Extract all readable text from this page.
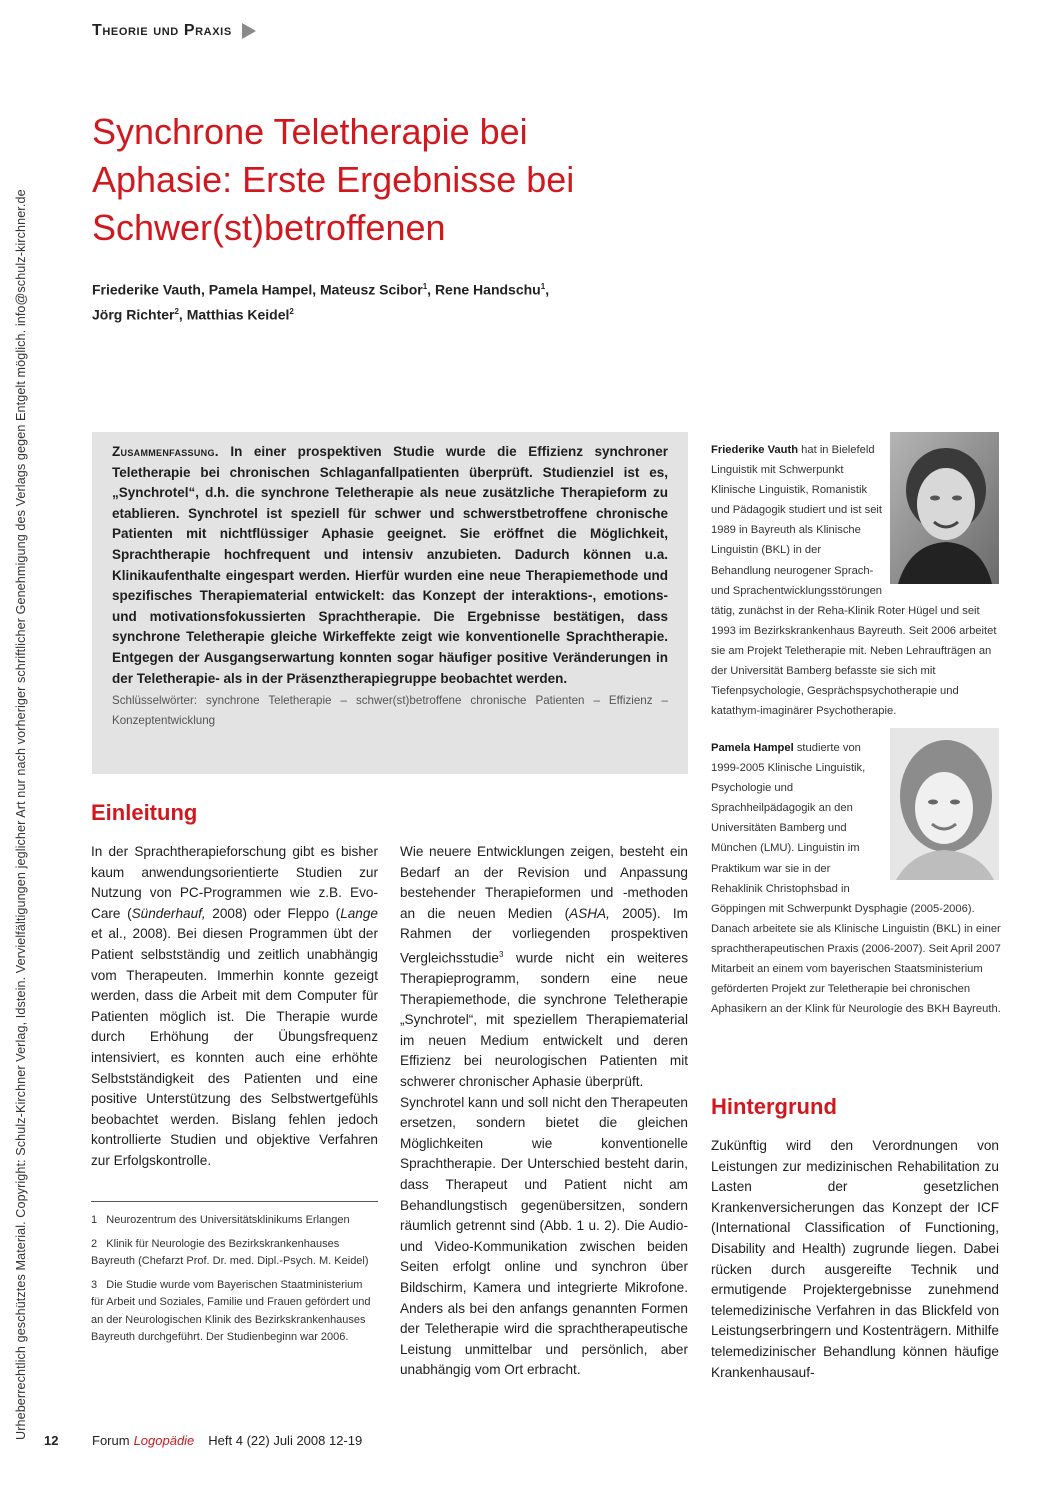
Urheberrechtlich geschütztes Material. Copyright: Schulz-Kirchner Verlag, Idstein. Vervielfältigungen jeglicher Art nur nach vorheriger schriftlicher Genehmigung des Verlags gegen Entgelt möglich. info@schulz-kirchner.de
Theorie und Praxis
Synchrone Teletherapie bei
Aphasie: Erste Ergebnisse bei
Schwer(st)betroffenen
Friederike Vauth, Pamela Hampel, Mateusz Scibor$^1$, Rene Handschu$^1$,
Jörg Richter$^2$, Matthias Keidel$^2$
Zusammenfassung. In einer prospektiven Studie wurde die Effizienz synchroner Teletherapie bei chronischen Schlaganfallpatienten überprüft. Studienziel ist es, „Synchrotel“, d.h. die synchrone Teletherapie als neue zusätzliche Therapieform zu etablieren. Synchrotel ist speziell für schwer und schwerstbetroffene chronische Patienten mit nichtflüssiger Aphasie geeignet. Sie eröffnet die Möglichkeit, Sprachtherapie hochfrequent und intensiv anzubieten. Dadurch können u.a. Klinikaufenthalte eingespart werden. Hierfür wurden eine neue Therapiemethode und spezifisches Therapiematerial entwickelt: das Konzept der interaktions-, emotions- und motivationsfokussierten Sprachtherapie. Die Ergebnisse bestätigen, dass synchrone Teletherapie gleiche Wirkeffekte zeigt wie konventionelle Sprachtherapie. Entgegen der Ausgangserwartung konnten sogar häufiger positive Veränderungen in der Teletherapie- als in der Präsenztherapiegruppe beobachtet werden.
Schlüsselwörter: synchrone Teletherapie – schwer(st)betroffene chronische Patienten – Effizienz – Konzeptentwicklung
Einleitung

In der Sprachtherapieforschung gibt es bisher kaum anwendungsorientierte Studien zur Nutzung von PC-Programmen wie z.B. Evo-Care (Sünderhauf, 2008) oder Fleppo (Lange et al., 2008). Bei diesen Programmen übt der Patient selbstständig und zeitlich unabhängig vom Therapeuten. Immerhin konnte gezeigt werden, dass die Arbeit mit dem Computer für Patienten möglich ist. Die Therapie wurde durch Erhöhung der Übungsfrequenz intensiviert, es konnten auch eine erhöhte Selbstständigkeit des Patienten und eine positive Unterstützung des Selbstwertgefühls beobachtet werden. Bislang fehlen jedoch kontrollierte Studien und objektive Verfahren zur Erfolgskontrolle.

1 Neurozentrum des Universitätsklinikums Erlangen

2 Klinik für Neurologie des Bezirkskrankenhauses Bayreuth (Chefarzt Prof. Dr. med. Dipl.-Psych. M. Keidel)

3 Die Studie wurde vom Bayerischen Staatministerium für Arbeit und Soziales, Familie und Frauen gefördert und an der Neurologischen Klinik des Bezirkskrankenhauses Bayreuth durchgeführt. Der Studienbeginn war 2006.

Wie neuere Entwicklungen zeigen, besteht ein Bedarf an der Revision und Anpassung bestehender Therapieformen und -methoden an die neuen Medien (ASHA, 2005). Im Rahmen der vorliegenden prospektiven Vergleichsstudie$^3$ wurde nicht ein weiteres Therapieprogramm, sondern eine neue Therapiemethode, die synchrone Teletherapie „Synchrotel“, mit speziellem Therapiematerial im neuen Medium entwickelt und deren Effizienz bei neurologischen Patienten mit schwerer chronischer Aphasie überprüft.

Synchrotel kann und soll nicht den Therapeuten ersetzen, sondern bietet die gleichen Möglichkeiten wie konventionelle Sprachtherapie. Der Unterschied besteht darin, dass Therapeut und Patient nicht am Behandlungstisch gegenübersitzen, sondern räumlich getrennt sind (Abb. 1 u. 2). Die Audio- und Video-Kommunikation zwischen beiden Seiten erfolgt online und synchron über Bildschirm, Kamera und integrierte Mikrofone. Anders als bei den anfangs genannten Formen der Teletherapie wird die sprachtherapeutische Leistung unmittelbar und persönlich, aber unabhängig vom Ort erbracht.

Friederike Vauth hat in Bielefeld Linguistik mit Schwerpunkt Klinische Linguistik, Romanistik und Pädagogik studiert und ist seit 1989 in Bayreuth als Klinische Linguistin (BKL) in der Behandlung neurogener Sprach- und Sprachentwicklungsstörungen tätig, zunächst in der Reha-Klinik Roter Hügel und seit 1993 im Bezirkskrankenhaus Bayreuth. Seit 2006 arbeitet sie am Projekt Teletherapie mit. Neben Lehraufträgen an der Universität Bamberg befasste sie sich mit Tiefenpsychologie, Gesprächspsychotherapie und katathym-imaginärer Psychotherapie.
Pamela Hampel studierte von 1999-2005 Klinische Linguistik, Psychologie und Sprachheilpädagogik an den Universitäten Bamberg und München (LMU). Linguistin im Praktikum war sie in der Rehaklinik Christophsbad in Göppingen mit Schwerpunkt Dysphagie (2005-2006). Danach arbeitete sie als Klinische Linguistin (BKL) in einer sprachtherapeutischen Praxis (2006-2007). Seit April 2007 Mitarbeit an einem vom bayerischen Staatsministerium geförderten Projekt zur Teletherapie bei chronischen Aphasikern an der Klink für Neurologie des BKH Bayreuth.
Hintergrund

Zukünftig wird den Verordnungen von Leistungen zur medizinischen Rehabilitation zu Lasten der gesetzlichen Krankenversicherungen das Konzept der ICF (International Classification of Functioning, Disability and Health) zugrunde liegen. Dabei rücken durch ausgereifte Technik und ermutigende Projektergebnisse zunehmend telemedizinische Verfahren in das Blickfeld von Leistungserbringern und Kostenträgern. Mithilfe telemedizinischer Behandlung können häufige Krankenhausauf-

12	Forum Logopädie Heft 4 (22) Juli 2008 12-19
